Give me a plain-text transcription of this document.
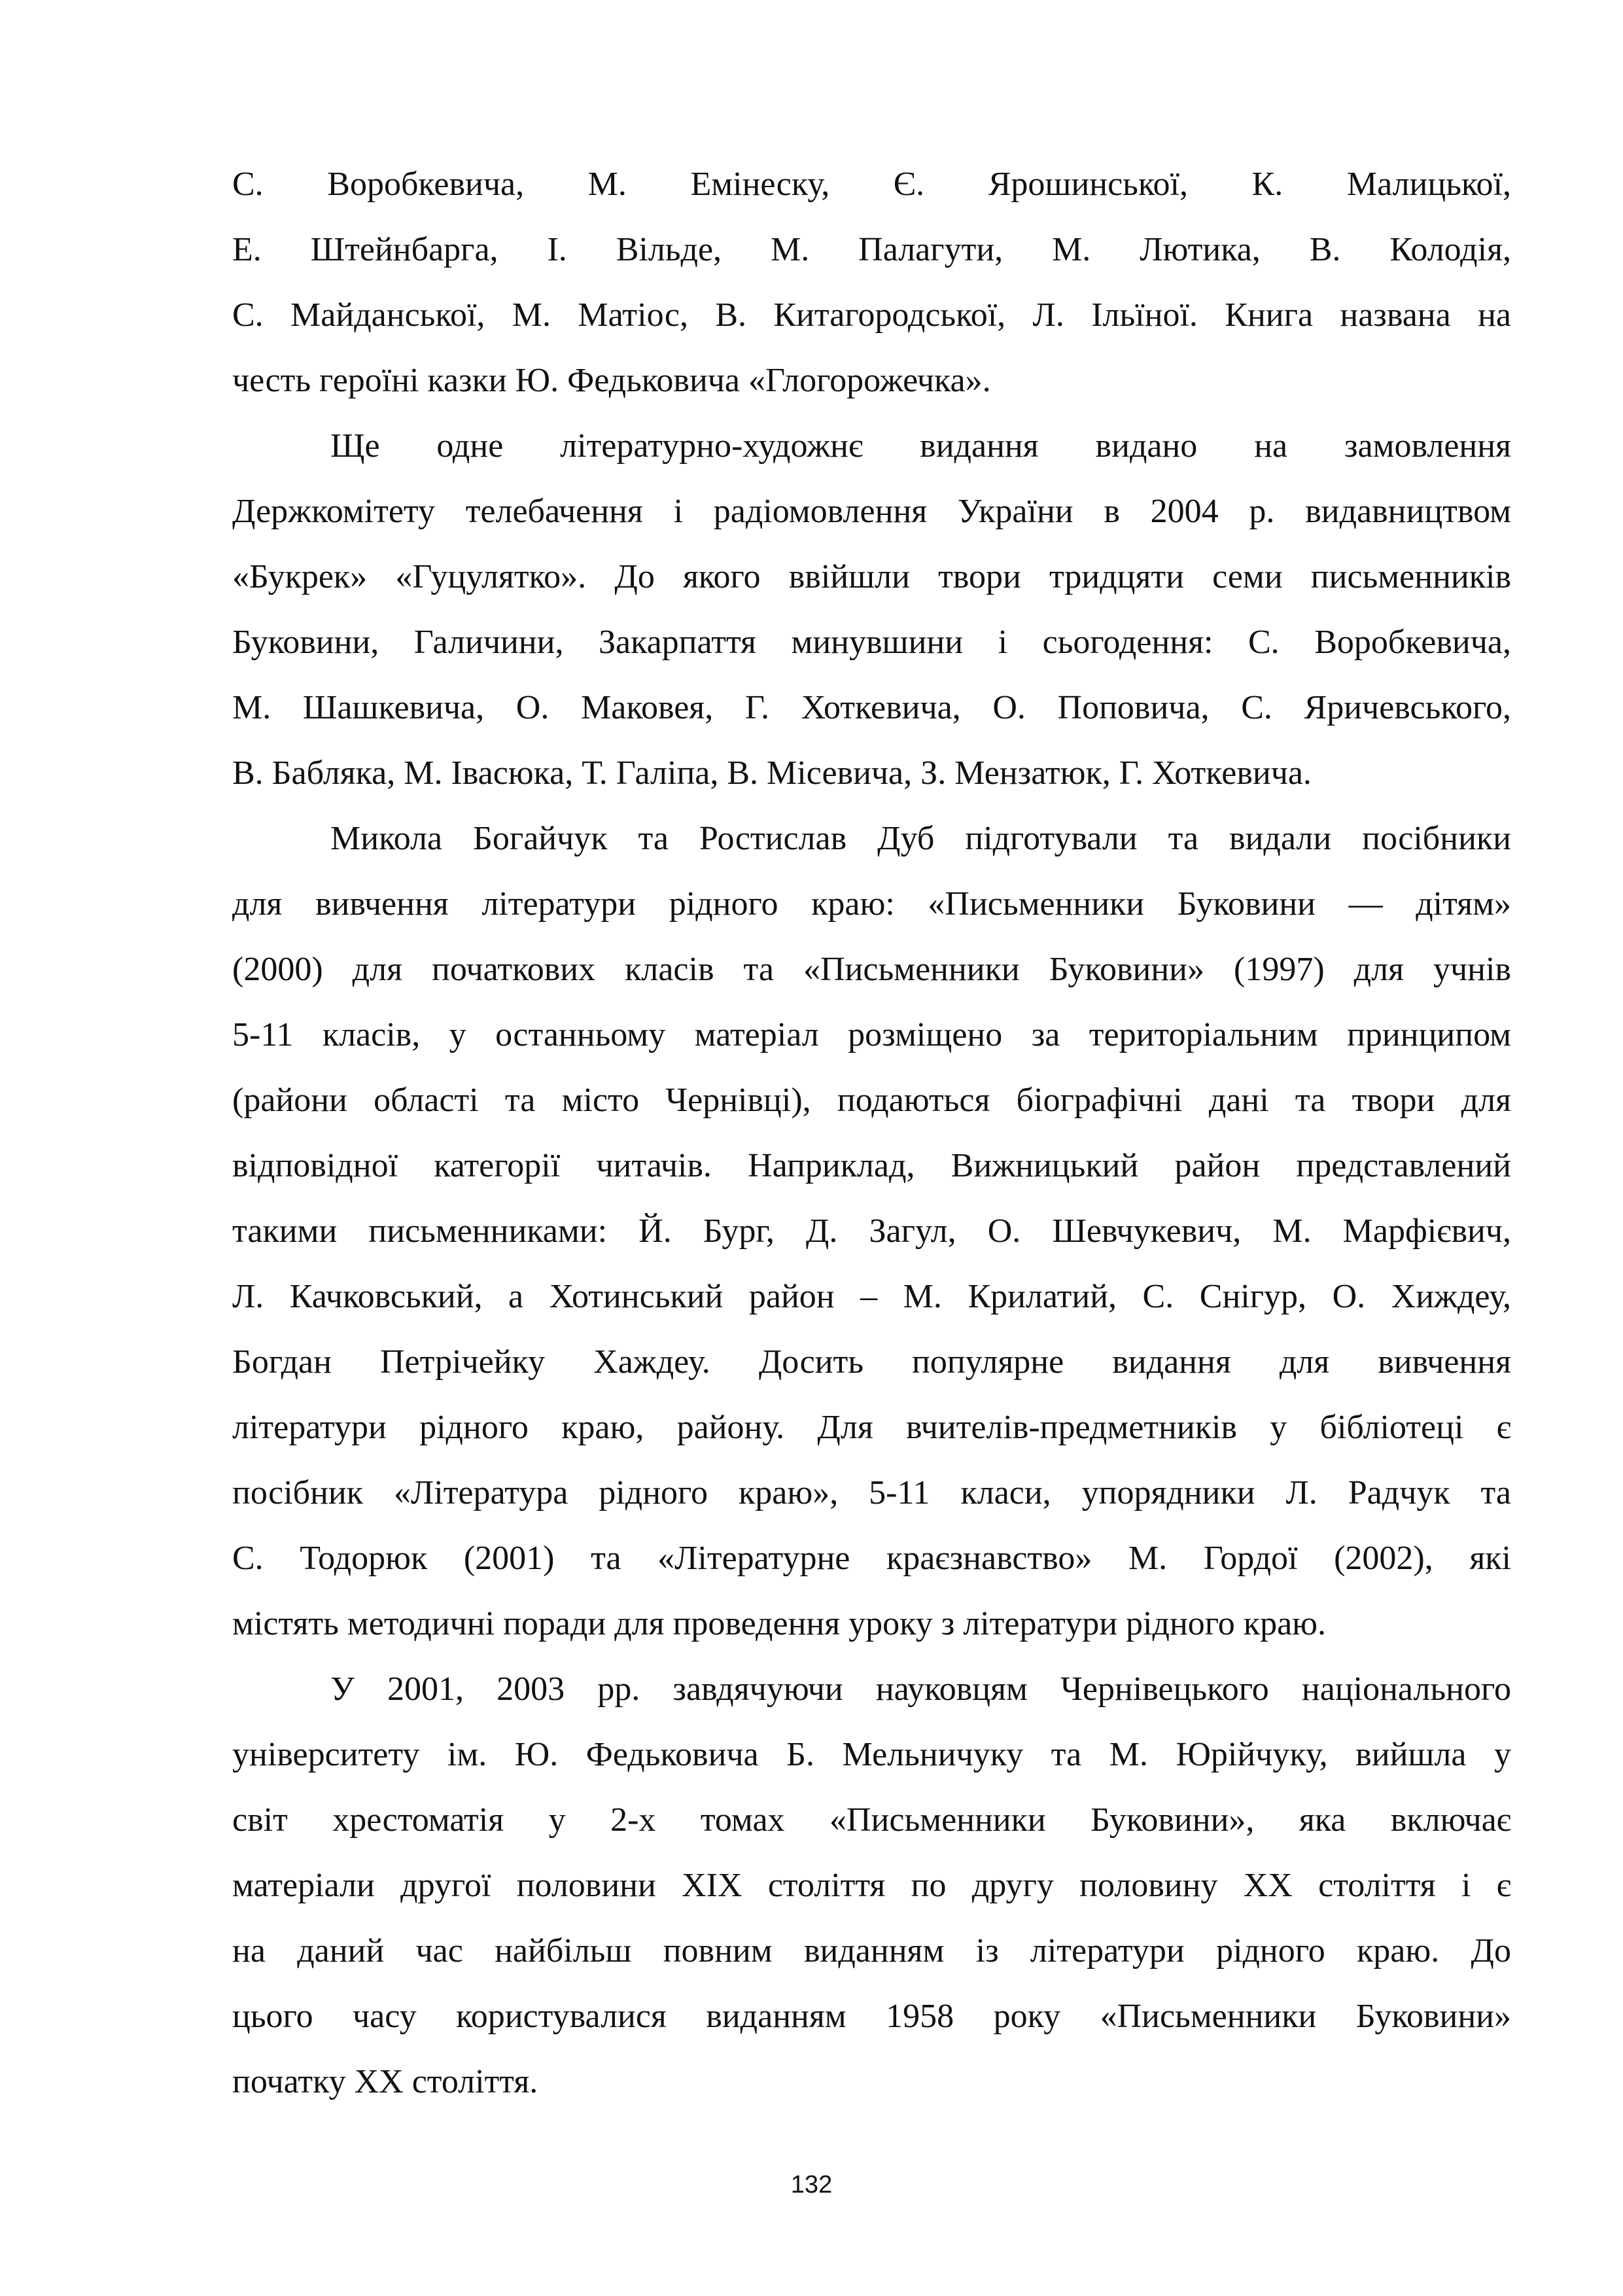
С. Воробкевича, М. Емінеску, Є. Ярошинської, К. Малицької,
Е. Штейнбарга, І. Вільде, М. Палагути, М. Лютика, В. Колодія,
С. Майданської, М. Матіос, В. Китагородської, Л. Ільїної. Книга названа на
честь героїні казки Ю. Федьковича «Глогорожечка».
Ще одне літературно-художнє видання видано на замовлення
Держкомітету телебачення і радіомовлення України в 2004 р. видавництвом
«Букрек» «Гуцулятко». До якого ввійшли твори тридцяти семи письменників
Буковини, Галичини, Закарпаття минувшини і сьогодення: С. Воробкевича,
М. Шашкевича, О. Маковея, Г. Хоткевича, О. Поповича, С. Яричевського,
В. Бабляка, М. Івасюка, Т. Галіпа, В. Місевича, З. Мензатюк, Г. Хоткевича.
Микола Богайчук та Ростислав Дуб підготували та видали посібники
для вивчення літератури рідного краю: «Письменники Буковини — дітям»
(2000) для початкових класів та «Письменники Буковини» (1997) для учнів
5-11 класів, у останньому матеріал розміщено за територіальним принципом
(райони області та місто Чернівці), подаються біографічні дані та твори для
відповідної категорії читачів. Наприклад, Вижницький район представлений
такими письменниками: Й. Бург, Д. Загул, О. Шевчукевич, М. Марфієвич,
Л. Качковський, а Хотинський район – М. Крилатий, С. Снігур, О. Хиждеу,
Богдан Петрічейку Хаждеу. Досить популярне видання для вивчення
літератури рідного краю, району. Для вчителів-предметників у бібліотеці є
посібник «Література рідного краю», 5-11 класи, упорядники Л. Радчук та
С. Тодорюк (2001) та «Літературне краєзнавство» М. Гордої (2002), які
містять методичні поради для проведення уроку з літератури рідного краю.
У 2001, 2003 рр. завдячуючи науковцям Чернівецького національного
університету ім. Ю. Федьковича Б. Мельничуку та М. Юрійчуку, вийшла у
світ хрестоматія у 2-х томах «Письменники Буковини», яка включає
матеріали другої половини XIX століття по другу половину XX століття і є
на даний час найбільш повним виданням із літератури рідного краю. До
цього часу користувалися виданням 1958 року «Письменники Буковини»
початку XX століття.
132
